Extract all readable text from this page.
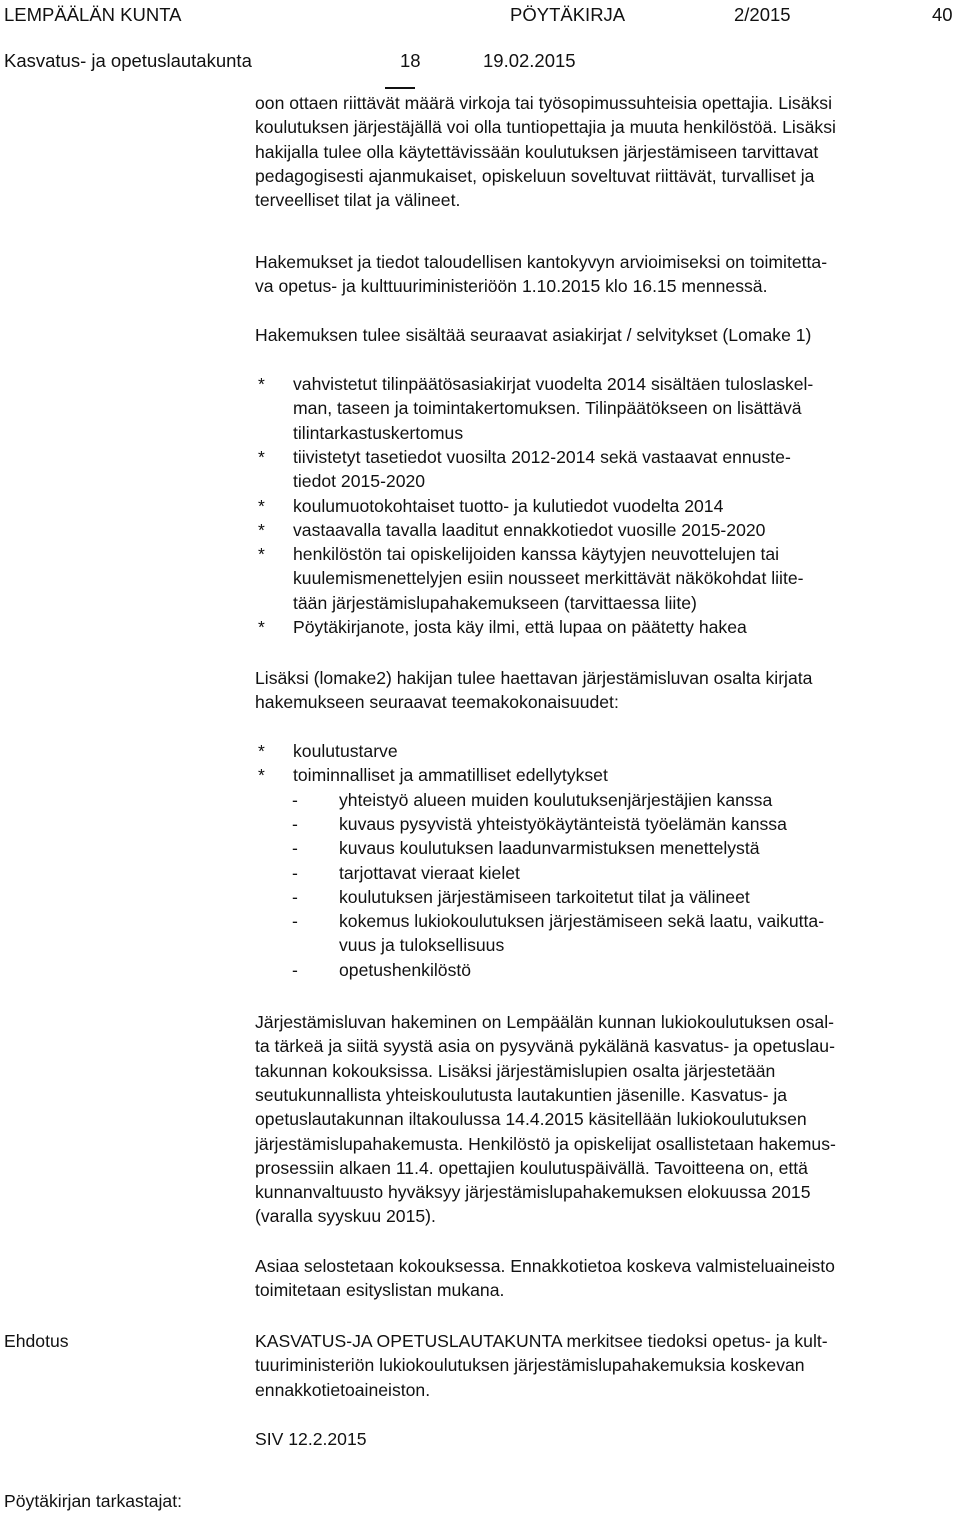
LEMPÄÄLÄN KUNTA	PÖYTÄKIRJA	2/2015	40
Kasvatus- ja opetuslautakunta	18	19.02.2015
oon ottaen riittävät määrä virkoja tai työsopimussuhteisia opettajia. Lisäksi
koulutuksen järjestäjällä voi olla tuntiopettajia ja muuta henkilöstöä. Lisäksi
hakijalla tulee olla käytettävissään koulutuksen järjestämiseen tarvittavat
pedagogisesti ajanmukaiset, opiskeluun soveltuvat riittävät, turvalliset ja
terveelliset tilat ja välineet.
Hakemukset ja tiedot taloudellisen kantokyvyn arvioimiseksi on toimitetta-
va opetus- ja kulttuuriministeriöön 1.10.2015 klo 16.15 mennessä.
Hakemuksen tulee sisältää seuraavat asiakirjat / selvitykset (Lomake 1)
* vahvistetut tilinpäätösasiakirjat vuodelta 2014 sisältäen tuloslaskel-
man, taseen ja toimintakertomuksen. Tilinpäätökseen on lisättävä
tilintarkastuskertomus
* tiivistetyt tasetiedot vuosilta 2012-2014 sekä vastaavat ennuste-
tiedot 2015-2020
* koulumuotokohtaiset tuotto- ja kulutiedot vuodelta 2014
* vastaavalla tavalla laaditut ennakkotiedot vuosille 2015-2020
* henkilöstön tai opiskelijoiden kanssa käytyjen neuvottelujen tai
kuulemismenettelyjen esiin nousseet merkittävät näkökohdat liite-
tään järjestämislupahakemukseen (tarvittaessa liite)
* Pöytäkirjanote, josta käy ilmi, että lupaa on päätetty hakea
Lisäksi (lomake2) hakijan tulee haettavan järjestämisluvan osalta kirjata
hakemukseen seuraavat teemakokonaisuudet:
* koulutustarve
* toiminnalliset ja ammatilliset edellytykset
- yhteistyö alueen muiden koulutuksenjärjestäjien kanssa
- kuvaus pysyvistä yhteistyökäytänteistä työelämän kanssa
- kuvaus koulutuksen laadunvarmistuksen menettelystä
- tarjottavat vieraat kielet
- koulutuksen järjestämiseen tarkoitetut tilat ja välineet
- kokemus lukiokoulutuksen järjestämiseen sekä laatu, vaikutta-
vuus ja tuloksellisuus
- opetushenkilöstö
Järjestämisluvan hakeminen on Lempäälän kunnan lukiokoulutuksen osal-
ta tärkeä ja siitä syystä asia on pysyvänä pykälänä kasvatus- ja opetuslau-
takunnan kokouksissa. Lisäksi järjestämislupien osalta järjestetään
seutukunnallista yhteiskoulutusta lautakuntien jäsenille. Kasvatus- ja
opetuslautakunnan iltakoulussa 14.4.2015 käsitellään lukiokoulutuksen
järjestämislupahakemusta. Henkilöstö ja opiskelijat osallistetaan hakemus-
prosessiin alkaen 11.4. opettajien koulutuspäivällä. Tavoitteena on, että
kunnanvaltuusto hyväksyy järjestämislupahakemuksen elokuussa 2015
(varalla syyskuu 2015).
Asiaa selostetaan kokouksessa. Ennakkotietoa koskeva valmisteluaineisto
toimitetaan esityslistan mukana.
KASVATUS-JA OPETUSLAUTAKUNTA merkitsee tiedoksi opetus- ja kult-
tuuriministeriön lukiokoulutuksen järjestämislupahakemuksia koskevan
ennakkotietoaineiston.
SIV 12.2.2015
Ehdotus
Pöytäkirjan tarkastajat:
